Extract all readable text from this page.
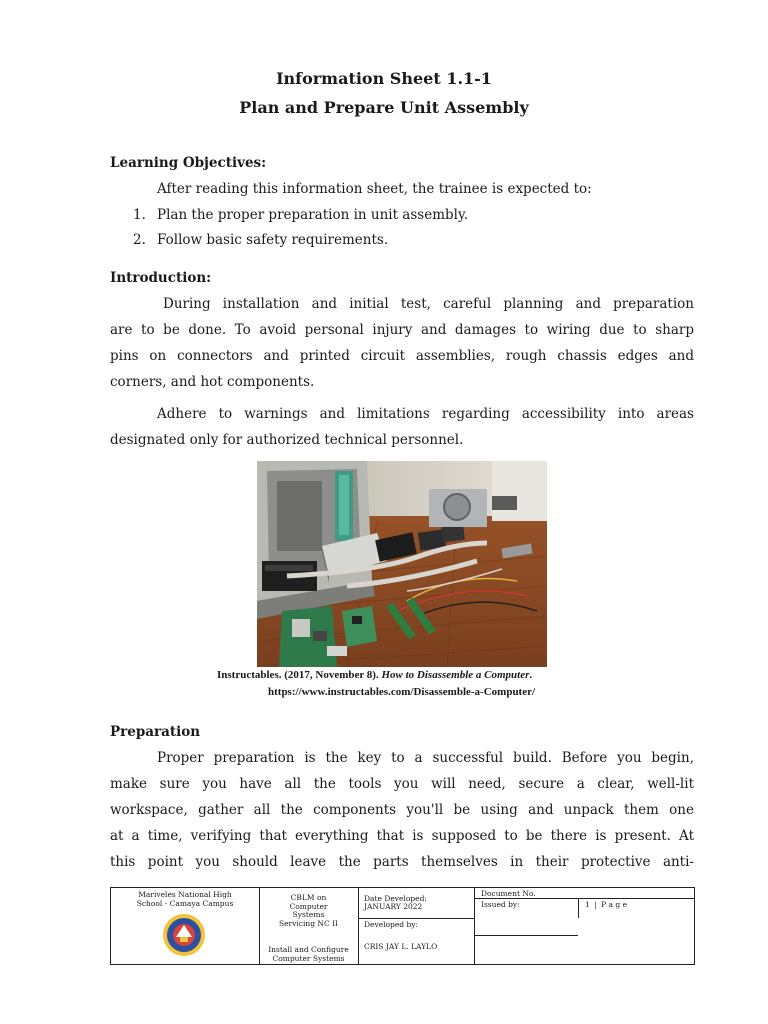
Information Sheet 1.1-1
Plan and Prepare Unit Assembly
Learning Objectives:
After reading this information sheet, the trainee is expected to:
1. Plan the proper preparation in unit assembly.
2. Follow basic safety requirements.
Introduction:
During installation and initial test, careful planning and preparation
are to be done. To avoid personal injury and damages to wiring due to sharp
pins on connectors and printed circuit assemblies, rough chassis edges and
corners, and hot components.
Adhere to warnings and limitations regarding accessibility into areas
designated only for authorized technical personnel.
Instructables. (2017, November 8). How to Disassemble a Computer.
https://www.instructables.com/Disassemble-a-Computer/
Preparation
Proper preparation is the key to a successful build. Before you begin,
make sure you have all the tools you will need, secure a clear, well-lit
workspace, gather all the components you'll be using and unpack them one
at a time, verifying that everything that is supposed to be there is present. At
this point you should leave the parts themselves in their protective anti-
Mariveles National High
School - Camaya Campus
CBLM on
Computer
Systems
Servicing NC II
Install and Configure
Computer Systems
Date Developed:
JANUARY 2022
Developed by:
CRIS JAY L. LAYLO
Document No.
Issued by:	1 | P a g e
